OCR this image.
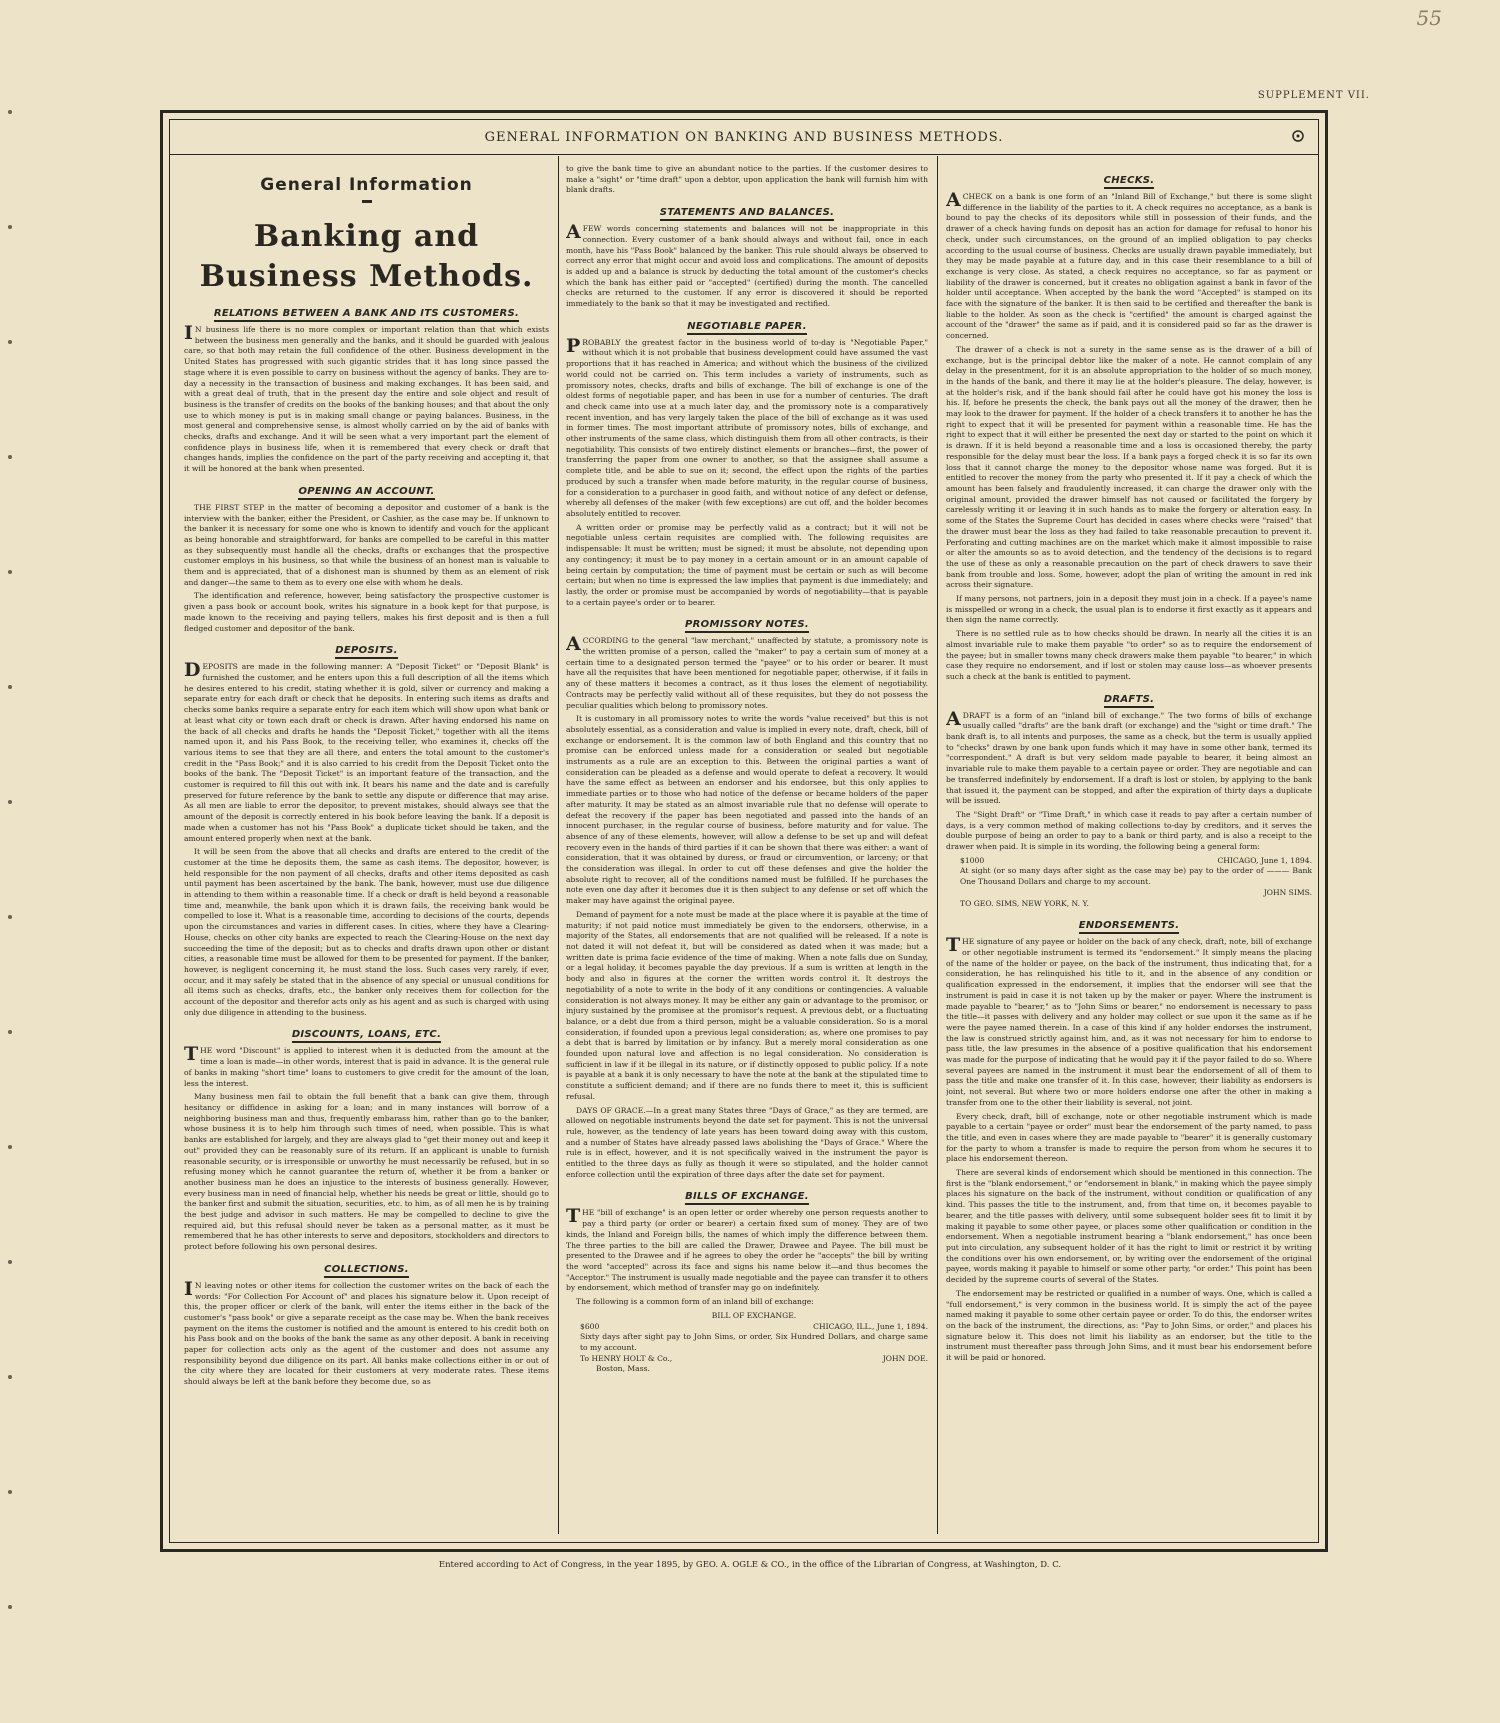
55
SUPPLEMENT VII.
GENERAL INFORMATION ON BANKING AND BUSINESS METHODS.
General Information
Banking and Business Methods.
RELATIONS BETWEEN A BANK AND ITS CUSTOMERS.

I N business life there is no more complex or important relation than that which exists between the business men generally and the banks, and it should be guarded with jealous care, so that both may retain the full confidence of the other. Business development in the United States has progressed with such gigantic strides that it has long since passed the stage where it is even possible to carry on business without the agency of banks. They are to-day a necessity in the transaction of business and making exchanges. It has been said, and with a great deal of truth, that in the present day the entire and sole object and result of business is the transfer of credits on the books of the banking houses; and that about the only use to which money is put is in making small change or paying balances. Business, in the most general and comprehensive sense, is almost wholly carried on by the aid of banks with checks, drafts and exchange. And it will be seen what a very important part the element of confidence plays in business life, when it is remembered that every check or draft that changes hands, implies the confidence on the part of the party receiving and accepting it, that it will be honored at the bank when presented.

OPENING AN ACCOUNT.

THE FIRST STEP in the matter of becoming a depositor and customer of a bank is the interview with the banker, either the President, or Cashier, as the case may be. If unknown to the banker it is necessary for some one who is known to identify and vouch for the applicant as being honorable and straightforward, for banks are compelled to be careful in this matter as they subsequently must handle all the checks, drafts or exchanges that the prospective customer employs in his business, so that while the business of an honest man is valuable to them and is appreciated, that of a dishonest man is shunned by them as an element of risk and danger—the same to them as to every one else with whom he deals.

The identification and reference, however, being satisfactory the prospective customer is given a pass book or account book, writes his signature in a book kept for that purpose, is made known to the receiving and paying tellers, makes his first deposit and is then a full fledged customer and depositor of the bank.

DEPOSITS.

DEPOSITS are made in the following manner: A "Deposit Ticket" or "Deposit Blank" is furnished the customer, and he enters upon this a full description of all the items which he desires entered to his credit, stating whether it is gold, silver or currency and making a separate entry for each draft or check that he deposits. In entering such items as drafts and checks some banks require a separate entry for each item which will show upon what bank or at least what city or town each draft or check is drawn. After having endorsed his name on the back of all checks and drafts he hands the "Deposit Ticket," together with all the items named upon it, and his Pass Book, to the receiving teller, who examines it, checks off the various items to see that they are all there, and enters the total amount to the customer's credit in the "Pass Book;" and it is also carried to his credit from the Deposit Ticket onto the books of the bank. The "Deposit Ticket" is an important feature of the transaction, and the customer is required to fill this out with ink. It bears his name and the date and is carefully preserved for future reference by the bank to settle any dispute or difference that may arise. As all men are liable to error the depositor, to prevent mistakes, should always see that the amount of the deposit is correctly entered in his book before leaving the bank. If a deposit is made when a customer has not his "Pass Book" a duplicate ticket should be taken, and the amount entered properly when next at the bank.

It will be seen from the above that all checks and drafts are entered to the credit of the customer at the time he deposits them, the same as cash items. The depositor, however, is held responsible for the non payment of all checks, drafts and other items deposited as cash until payment has been ascertained by the bank. The bank, however, must use due diligence in attending to them within a reasonable time. If a check or draft is held beyond a reasonable time and, meanwhile, the bank upon which it is drawn fails, the receiving bank would be compelled to lose it. What is a reasonable time, according to decisions of the courts, depends upon the circumstances and varies in different cases. In cities, where they have a Clearing-House, checks on other city banks are expected to reach the Clearing-House on the next day succeeding the time of the deposit; but as to checks and drafts drawn upon other or distant cities, a reasonable time must be allowed for them to be presented for payment. If the banker, however, is negligent concerning it, he must stand the loss. Such cases very rarely, if ever, occur, and it may safely be stated that in the absence of any special or unusual conditions for all items such as checks, drafts, etc., the banker only receives them for collection for the account of the depositor and therefor acts only as his agent and as such is charged with using only due diligence in attending to the business.

DISCOUNTS, LOANS, ETC.

THE word "Discount" is applied to interest when it is deducted from the amount at the time a loan is made—in other words, interest that is paid in advance. It is the general rule of banks in making "short time" loans to customers to give credit for the amount of the loan, less the interest.

Many business men fail to obtain the full benefit that a bank can give them, through hesitancy or diffidence in asking for a loan; and in many instances will borrow of a neighboring business man and thus, frequently embarass him, rather than go to the banker, whose business it is to help him through such times of need, when possible. This is what banks are established for largely, and they are always glad to "get their money out and keep it out" provided they can be reasonably sure of its return. If an applicant is unable to furnish reasonable security, or is irresponsible or unworthy he must necessarily be refused, but in so refusing money which he cannot guarantee the return of, whether it be from a banker or another business man he does an injustice to the interests of business generally. However, every business man in need of financial help, whether his needs be great or little, should go to the banker first and submit the situation, securities, etc. to him, as of all men he is by training the best judge and advisor in such matters. He may be compelled to decline to give the required aid, but this refusal should never be taken as a personal matter, as it must be remembered that he has other interests to serve and depositors, stockholders and directors to protect before following his own personal desires.

COLLECTIONS.

I N leaving notes or other items for collection the customer writes on the back of each the words: "For Collection For Account of" and places his signature below it. Upon receipt of this, the proper officer or clerk of the bank, will enter the items either in the back of the customer's "pass book" or give a separate receipt as the case may be. When the bank receives payment on the items the customer is notified and the amount is entered to his credit both on his Pass book and on the books of the bank the same as any other deposit. A bank in receiving paper for collection acts only as the agent of the customer and does not assume any responsibility beyond due diligence on its part. All banks make collections either in or out of the city where they are located for their customers at very moderate rates. These items should always be left at the bank before they become due, so as

to give the bank time to give an abundant notice to the parties. If the customer desires to make a "sight" or "time draft" upon a debtor, upon application the bank will furnish him with blank drafts.

STATEMENTS AND BALANCES.

AFEW words concerning statements and balances will not be inappropriate in this connection. Every customer of a bank should always and without fail, once in each month, have his "Pass Book" balanced by the banker. This rule should always be observed to correct any error that might occur and avoid loss and complications. The amount of deposits is added up and a balance is struck by deducting the total amount of the customer's checks which the bank has either paid or "accepted" (certified) during the month. The cancelled checks are returned to the customer. If any error is discovered it should be reported immediately to the bank so that it may be investigated and rectified.

NEGOTIABLE PAPER.

PROBABLY the greatest factor in the business world of to-day is "Negotiable Paper," without which it is not probable that business development could have assumed the vast proportions that it has reached in America; and without which the business of the civilized world could not be carried on. This term includes a variety of instruments, such as promissory notes, checks, drafts and bills of exchange. The bill of exchange is one of the oldest forms of negotiable paper, and has been in use for a number of centuries. The draft and check came into use at a much later day, and the promissory note is a comparatively recent invention, and has very largely taken the place of the bill of exchange as it was used in former times. The most important attribute of promissory notes, bills of exchange, and other instruments of the same class, which distinguish them from all other contracts, is their negotiability. This consists of two entirely distinct elements or branches—first, the power of transferring the paper from one owner to another, so that the assignee shall assume a complete title, and be able to sue on it; second, the effect upon the rights of the parties produced by such a transfer when made before maturity, in the regular course of business, for a consideration to a purchaser in good faith, and without notice of any defect or defense, whereby all defenses of the maker (with few exceptions) are cut off, and the holder becomes absolutely entitled to recover.

A written order or promise may be perfectly valid as a contract; but it will not be negotiable unless certain requisites are complied with. The following requisites are indispensable: It must be written; must be signed; it must be absolute, not depending upon any contingency; it must be to pay money in a certain amount or in an amount capable of being certain by computation; the time of payment must be certain or such as will become certain; but when no time is expressed the law implies that payment is due immediately; and lastly, the order or promise must be accompanied by words of negotiability—that is payable to a certain payee's order or to bearer.

PROMISSORY NOTES.

ACCORDING to the general "law merchant," unaffected by statute, a promissory note is the written promise of a person, called the "maker" to pay a certain sum of money at a certain time to a designated person termed the "payee" or to his order or bearer. It must have all the requisites that have been mentioned for negotiable paper, otherwise, if it fails in any of these matters it becomes a contract, as it thus loses the element of negotiability. Contracts may be perfectly valid without all of these requisites, but they do not possess the peculiar qualities which belong to promissory notes.

It is customary in all promissory notes to write the words "value received" but this is not absolutely essential, as a consideration and value is implied in every note, draft, check, bill of exchange or endorsement. It is the common law of both England and this country that no promise can be enforced unless made for a consideration or sealed but negotiable instruments as a rule are an exception to this. Between the original parties a want of consideration can be pleaded as a defense and would operate to defeat a recovery. It would have the same effect as between an endorser and his endorsee, but this only applies to immediate parties or to those who had notice of the defense or became holders of the paper after maturity. It may be stated as an almost invariable rule that no defense will operate to defeat the recovery if the paper has been negotiated and passed into the hands of an innocent purchaser, in the regular course of business, before maturity and for value. The absence of any of these elements, however, will allow a defense to be set up and will defeat recovery even in the hands of third parties if it can be shown that there was either: a want of consideration, that it was obtained by duress, or fraud or circumvention, or larceny; or that the consideration was illegal. In order to cut off these defenses and give the holder the absolute right to recover, all of the conditions named must be fulfilled. If he purchases the note even one day after it becomes due it is then subject to any defense or set off which the maker may have against the original payee.

Demand of payment for a note must be made at the place where it is payable at the time of maturity; if not paid notice must immediately be given to the endorsers, otherwise, in a majority of the States, all endorsements that are not qualified will be released. If a note is not dated it will not defeat it, but will be considered as dated when it was made; but a written date is prima facie evidence of the time of making. When a note falls due on Sunday, or a legal holiday, it becomes payable the day previous. If a sum is written at length in the body and also in figures at the corner the written words control it. It destroys the negotiability of a note to write in the body of it any conditions or contingencies. A valuable consideration is not always money. It may be either any gain or advantage to the promisor, or injury sustained by the promisee at the promisor's request. A previous debt, or a fluctuating balance, or a debt due from a third person, might be a valuable consideration. So is a moral consideration, if founded upon a previous legal consideration; as, where one promises to pay a debt that is barred by limitation or by infancy. But a merely moral consideration as one founded upon natural love and affection is no legal consideration. No consideration is sufficient in law if it be illegal in its nature, or if distinctly opposed to public policy. If a note is payable at a bank it is only necessary to have the note at the bank at the stipulated time to constitute a sufficient demand; and if there are no funds there to meet it, this is sufficient refusal.

DAYS OF GRACE.—In a great many States three "Days of Grace," as they are termed, are allowed on negotiable instruments beyond the date set for payment. This is not the universal rule, however, as the tendency of late years has been toward doing away with this custom, and a number of States have already passed laws abolishing the "Days of Grace." Where the rule is in effect, however, and it is not specifically waived in the instrument the payor is entitled to the three days as fully as though it were so stipulated, and the holder cannot enforce collection until the expiration of three days after the date set for payment.

BILLS OF EXCHANGE.

THE "bill of exchange" is an open letter or order whereby one person requests another to pay a third party (or order or bearer) a certain fixed sum of money. They are of two kinds, the Inland and Foreign bills, the names of which imply the difference between them. The three parties to the bill are called the Drawer, Drawee and Payee. The bill must be presented to the Drawee and if he agrees to obey the order he "accepts" the bill by writing the word "accepted" across its face and signs his name below it—and thus becomes the "Acceptor." The instrument is usually made negotiable and the payee can transfer it to others by endorsement, which method of transfer may go on indefinitely.

The following is a common form of an inland bill of exchange:

BILL OF EXCHANGE.
$600	CHICAGO, ILL., June 1, 1894.
Sixty days after sight pay to John Sims, or order, Six Hundred Dollars, and charge same to my account.
To HENRY HOLT & Co.,	JOHN DOE.
Boston, Mass.
CHECKS.

ACHECK on a bank is one form of an "Inland Bill of Exchange," but there is some slight difference in the liability of the parties to it. A check requires no acceptance, as a bank is bound to pay the checks of its depositors while still in possession of their funds, and the drawer of a check having funds on deposit has an action for damage for refusal to honor his check, under such circumstances, on the ground of an implied obligation to pay checks according to the usual course of business. Checks are usually drawn payable immediately, but they may be made payable at a future day, and in this case their resemblance to a bill of exchange is very close. As stated, a check requires no acceptance, so far as payment or liability of the drawer is concerned, but it creates no obligation against a bank in favor of the holder until acceptance. When accepted by the bank the word "Accepted" is stamped on its face with the signature of the banker. It is then said to be certified and thereafter the bank is liable to the holder. As soon as the check is "certified" the amount is charged against the account of the "drawer" the same as if paid, and it is considered paid so far as the drawer is concerned.

The drawer of a check is not a surety in the same sense as is the drawer of a bill of exchange, but is the principal debtor like the maker of a note. He cannot complain of any delay in the presentment, for it is an absolute appropriation to the holder of so much money, in the hands of the bank, and there it may lie at the holder's pleasure. The delay, however, is at the holder's risk, and if the bank should fail after he could have got his money the loss is his. If, before he presents the check, the bank pays out all the money of the drawer, then he may look to the drawer for payment. If the holder of a check transfers it to another he has the right to expect that it will be presented for payment within a reasonable time. He has the right to expect that it will either be presented the next day or started to the point on which it is drawn. If it is held beyond a reasonable time and a loss is occasioned thereby, the party responsible for the delay must bear the loss. If a bank pays a forged check it is so far its own loss that it cannot charge the money to the depositor whose name was forged. But it is entitled to recover the money from the party who presented it. If it pay a check of which the amount has been falsely and fraudulently increased, it can charge the drawer only with the original amount, provided the drawer himself has not caused or facilitated the forgery by carelessly writing it or leaving it in such hands as to make the forgery or alteration easy. In some of the States the Supreme Court has decided in cases where checks were "raised" that the drawer must bear the loss as they had failed to take reasonable precaution to prevent it. Perforating and cutting machines are on the market which make it almost impossible to raise or alter the amounts so as to avoid detection, and the tendency of the decisions is to regard the use of these as only a reasonable precaution on the part of check drawers to save their bank from trouble and loss. Some, however, adopt the plan of writing the amount in red ink across their signature.

If many persons, not partners, join in a deposit they must join in a check. If a payee's name is misspelled or wrong in a check, the usual plan is to endorse it first exactly as it appears and then sign the name correctly.

There is no settled rule as to how checks should be drawn. In nearly all the cities it is an almost invariable rule to make them payable "to order" so as to require the endorsement of the payee; but in smaller towns many check drawers make them payable "to bearer," in which case they require no endorsement, and if lost or stolen may cause loss—as whoever presents such a check at the bank is entitled to payment.

DRAFTS.

ADRAFT is a form of an "inland bill of exchange." The two forms of bills of exchange usually called "drafts" are the bank draft (or exchange) and the "sight or time draft." The bank draft is, to all intents and purposes, the same as a check, but the term is usually applied to "checks" drawn by one bank upon funds which it may have in some other bank, termed its "correspondent." A draft is but very seldom made payable to bearer, it being almost an invariable rule to make them payable to a certain payee or order. They are negotiable and can be transferred indefinitely by endorsement. If a draft is lost or stolen, by applying to the bank that issued it, the payment can be stopped, and after the expiration of thirty days a duplicate will be issued.

The "Sight Draft" or "Time Draft," in which case it reads to pay after a certain number of days, is a very common method of making collections to-day by creditors, and it serves the double purpose of being an order to pay to a bank or third party, and is also a receipt to the drawer when paid. It is simple in its wording, the following being a general form:

$1000	CHICAGO, June 1, 1894.
At sight (or so many days after sight as the case may be) pay to the order of ——— Bank One Thousand Dollars and charge to my account.
JOHN SIMS.
TO GEO. SIMS, NEW YORK, N. Y.
ENDORSEMENTS.

THE signature of any payee or holder on the back of any check, draft, note, bill of exchange or other negotiable instrument is termed its "endorsement." It simply means the placing of the name of the holder or payee, on the back of the instrument, thus indicating that, for a consideration, he has relinquished his title to it, and in the absence of any condition or qualification expressed in the endorsement, it implies that the endorser will see that the instrument is paid in case it is not taken up by the maker or payer. Where the instrument is made payable to "bearer," as to "John Sims or bearer," no endorsement is necessary to pass the title—it passes with delivery and any holder may collect or sue upon it the same as if he were the payee named therein. In a case of this kind if any holder endorses the instrument, the law is construed strictly against him, and, as it was not necessary for him to endorse to pass title, the law presumes in the absence of a positive qualification that his endorsement was made for the purpose of indicating that he would pay it if the payor failed to do so. Where several payees are named in the instrument it must bear the endorsement of all of them to pass the title and make one transfer of it. In this case, however, their liability as endorsers is joint, not several. But where two or more holders endorse one after the other in making a transfer from one to the other their liability is several, not joint.

Every check, draft, bill of exchange, note or other negotiable instrument which is made payable to a certain "payee or order" must bear the endorsement of the party named, to pass the title, and even in cases where they are made payable to "bearer" it is generally customary for the party to whom a transfer is made to require the person from whom he secures it to place his endorsement thereon.

There are several kinds of endorsement which should be mentioned in this connection. The first is the "blank endorsement," or "endorsement in blank," in making which the payee simply places his signature on the back of the instrument, without condition or qualification of any kind. This passes the title to the instrument, and, from that time on, it becomes payable to bearer, and the title passes with delivery, until some subsequent holder sees fit to limit it by making it payable to some other payee, or places some other qualification or condition in the endorsement. When a negotiable instrument bearing a "blank endorsement," has once been put into circulation, any subsequent holder of it has the right to limit or restrict it by writing the conditions over his own endorsement, or, by writing over the endorsement of the original payee, words making it payable to himself or some other party, "or order." This point has been decided by the supreme courts of several of the States.

The endorsement may be restricted or qualified in a number of ways. One, which is called a "full endorsement," is very common in the business world. It is simply the act of the payee named making it payable to some other certain payee or order. To do this, the endorser writes on the back of the instrument, the directions, as: "Pay to John Sims, or order," and places his signature below it. This does not limit his liability as an endorser, but the title to the instrument must thereafter pass through John Sims, and it must bear his endorsement before it will be paid or honored.

Entered according to Act of Congress, in the year 1895, by GEO. A. OGLE & CO., in the office of the Librarian of Congress, at Washington, D. C.
